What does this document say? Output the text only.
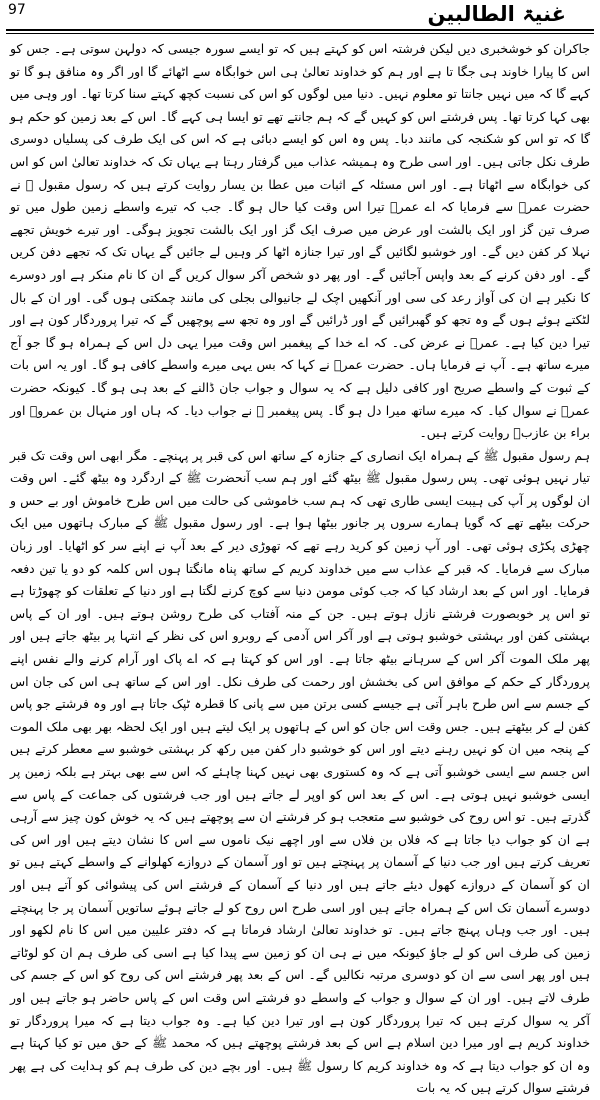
97	غنیۃ الطالبین

جاکران کو خوشخبری دیں لیکن فرشتہ اس کو کہتے ہیں کہ تو ایسے سورہ جیسی کہ دولہن سوتی ہے۔ جس کو اس کا پیارا خاوند ہی جگا تا ہے اور ہم کو خداوند تعالیٰ ہی اس خوابگاہ سے اٹھائے گا اور اگر وہ منافق ہو گا تو کہے گا کہ میں نہیں جانتا تو معلوم نہیں۔ دنیا میں لوگوں کو اس کی نسبت کچھ کہتے سنا کرتا تھا۔ اور وہی میں بھی کہا کرتا تھا۔ پس فرشتے اس کو کہیں گے کہ ہم جانتے تھے تو ایسا ہی کہے گا۔ اس کے بعد زمین کو حکم ہو گا کہ تو اس کو شکنجہ کی مانند دبا۔ پس وہ اس کو ایسے دبائی ہے کہ اس کی ایک طرف کی پسلیاں دوسری طرف نکل جاتی ہیں۔ اور اسی طرح وہ ہمیشہ عذاب میں گرفتار رہتا ہے یہاں تک کہ خداوند تعالیٰ اس کو اس کی خوابگاہ سے اٹھاتا ہے۔ اور اس مسئلہ کے اثبات میں عطا بن یسار روایت کرتے ہیں کہ رسول مقبول ﷺ نے حضرت عمرؓ سے فرمایا کہ اے عمرؓ تیرا اس وقت کیا حال ہو گا۔ جب کہ تیرے واسطے زمین طول میں تو صرف تین گز اور ایک بالشت اور عرض میں صرف ایک گز اور ایک بالشت تجویز ہوگی۔ اور تیرے خویش تجھے نہلا کر کفن دیں گے۔ اور خوشبو لگائیں گے اور تیرا جنازہ اٹھا کر وہیں لے جائیں گے یہاں تک کہ تجھے دفن کریں گے۔ اور دفن کرنے کے بعد واپس آجائیں گے۔ اور پھر دو شخص آکر سوال کریں گے ان کا نام منکر ہے اور دوسرے کا نکیر ہے ان کی آواز رعد کی سی اور آنکھیں اچک لے جانیوالی بجلی کی مانند چمکتی ہوں گی۔ اور ان کے بال لٹکتے ہوئے ہوں گے وہ تجھ کو گھبرائیں گے اور ڈرائیں گے اور وہ تجھ سے پوچھیں گے کہ تیرا پروردگار کون ہے اور تیرا دین کیا ہے۔ عمرؓ نے عرض کی۔ کہ اے خدا کے پیغمبر اس وقت میرا یہی دل اس کے ہمراہ ہو گا جو آج میرے ساتھ ہے۔ آپ نے فرمایا ہاں۔ حضرت عمرؓ نے کہا کہ بس یہی میرے واسطے کافی ہو گا۔ اور یہ اس بات کے ثبوت کے واسطے صریح اور کافی دلیل ہے کہ یہ سوال و جواب جان ڈالنے کے بعد ہی ہو گا۔ کیونکہ حضرت عمرؓ نے سوال کیا۔ کہ میرے ساتھ میرا دل ہو گا۔ پس پیغمبر ﷺ نے جواب دیا۔ کہ ہاں اور منہال بن عمروؓ اور براء بن عازبؓ روایت کرتے ہیں۔

ہم رسول مقبول ﷺ کے ہمراہ ایک انصاری کے جنازہ کے ساتھ اس کی قبر پر پہنچے۔ مگر ابھی اس وقت تک قبر تیار نہیں ہوئی تھی۔ پس رسول مقبول ﷺ بیٹھ گئے اور ہم سب آنحضرت ﷺ کے اردگرد وہ بیٹھ گئے۔ اس وقت ان لوگوں پر آپ کی ہیبت ایسی طاری تھی کہ ہم سب خاموشی کی حالت میں اس طرح خاموش اور بے حس و حرکت بیٹھے تھے کہ گویا ہمارے سروں پر جانور بیٹھا ہوا ہے۔ اور رسول مقبول ﷺ کے مبارک ہاتھوں میں ایک چھڑی پکڑی ہوئی تھی۔ اور آپ زمین کو کرید رہے تھے کہ تھوڑی دیر کے بعد آپ نے اپنے سر کو اٹھایا۔ اور زبان مبارک سے فرمایا۔ کہ قبر کے عذاب سے میں خداوند کریم کے ساتھ پناہ مانگتا ہوں اس کلمہ کو دو یا تین دفعہ فرمایا۔ اور اس کے بعد ارشاد کیا کہ جب کوئی مومن دنیا سے کوچ کرنے لگتا ہے اور دنیا کے تعلقات کو چھوڑتا ہے تو اس پر خوبصورت فرشتے نازل ہوتے ہیں۔ جن کے منہ آفتاب کی طرح روشن ہوتے ہیں۔ اور ان کے پاس بہشتی کفن اور بہشتی خوشبو ہوتی ہے اور آکر اس آدمی کے روبرو اس کی نظر کے انتہا پر بیٹھ جاتے ہیں اور پھر ملک الموت آکر اس کے سرہانے بیٹھ جاتا ہے۔ اور اس کو کہتا ہے کہ اے پاک اور آرام کرنے والے نفس اپنے پروردگار کے حکم کے موافق اس کی بخشش اور رحمت کی طرف نکل۔ اور اس کے ساتھ ہی اس کی جان اس کے جسم سے اس طرح باہر آتی ہے جیسے کسی برتن میں سے پانی کا قطرہ ٹپک جاتا ہے اور وہ فرشتے جو پاس کفن لے کر بیٹھتے ہیں۔ جس وقت اس جان کو اس کے ہاتھوں پر ایک لیتے ہیں اور ایک لحظہ بھر بھی ملک الموت کے پنجہ میں ان کو نہیں رہنے دیتے اور اس کو خوشبو دار کفن میں رکھ کر بہشتی خوشبو سے معطر کرتے ہیں اس جسم سے ایسی خوشبو آتی ہے کہ وہ کستوری بھی نہیں کہنا چاہئے کہ اس سے بھی بہتر ہے بلکہ زمین پر ایسی خوشبو نہیں ہوتی ہے۔ اس کے بعد اس کو اوپر لے جاتے ہیں اور جب فرشتوں کی جماعت کے پاس سے گذرتے ہیں۔ تو اس روح کی خوشبو سے متعجب ہو کر فرشتے ان سے پوچھتے ہیں کہ یہ خوش کون چیز سے آرہی ہے ان کو جواب دیا جاتا ہے کہ فلاں بن فلاں سے اور اچھے نیک ناموں سے اس کا نشان دیتے ہیں اور اس کی تعریف کرتے ہیں اور جب دنیا کے آسمان پر پہنچتے ہیں تو اور آسمان کے دروازے کھلوانے کے واسطے کہتے ہیں تو ان کو آسمان کے دروازے کھول دیئے جاتے ہیں اور دنیا کے آسمان کے فرشتے اس کی پیشوائی کو آتے ہیں اور دوسرے آسمان تک اس کے ہمراہ جاتے ہیں اور اسی طرح اس روح کو لے جاتے ہوئے ساتویں آسمان پر جا پہنچتے ہیں۔ اور جب وہاں پہنچ جاتے ہیں۔ تو خداوند تعالیٰ ارشاد فرماتا ہے کہ دفتر علیین میں اس کا نام لکھو اور زمین کی طرف اس کو لے جاؤ کیونکہ میں نے ہی ان کو زمین سے پیدا کیا ہے اسی کی طرف ہم ان کو لوٹاتے ہیں اور پھر اسی سے ان کو دوسری مرتبہ نکالیں گے۔ اس کے بعد پھر فرشتے اس کی روح کو اس کے جسم کی طرف لاتے ہیں۔ اور ان کے سوال و جواب کے واسطے دو فرشتے اس وقت اس کے پاس حاضر ہو جاتے ہیں اور آکر یہ سوال کرتے ہیں کہ تیرا پروردگار کون ہے اور تیرا دین کیا ہے۔ وہ جواب دیتا ہے کہ میرا پروردگار تو خداوند کریم ہے اور میرا دین اسلام ہے اس کے بعد فرشتے پوچھتے ہیں کہ محمد ﷺ کے حق میں تو کیا کہتا ہے وہ ان کو جواب دیتا ہے کہ وہ خداوند کریم کا رسول ﷺ ہیں۔ اور بچے دین کی طرف ہم کو ہدایت کی ہے پھر فرشتے سوال کرتے ہیں کہ یہ بات
